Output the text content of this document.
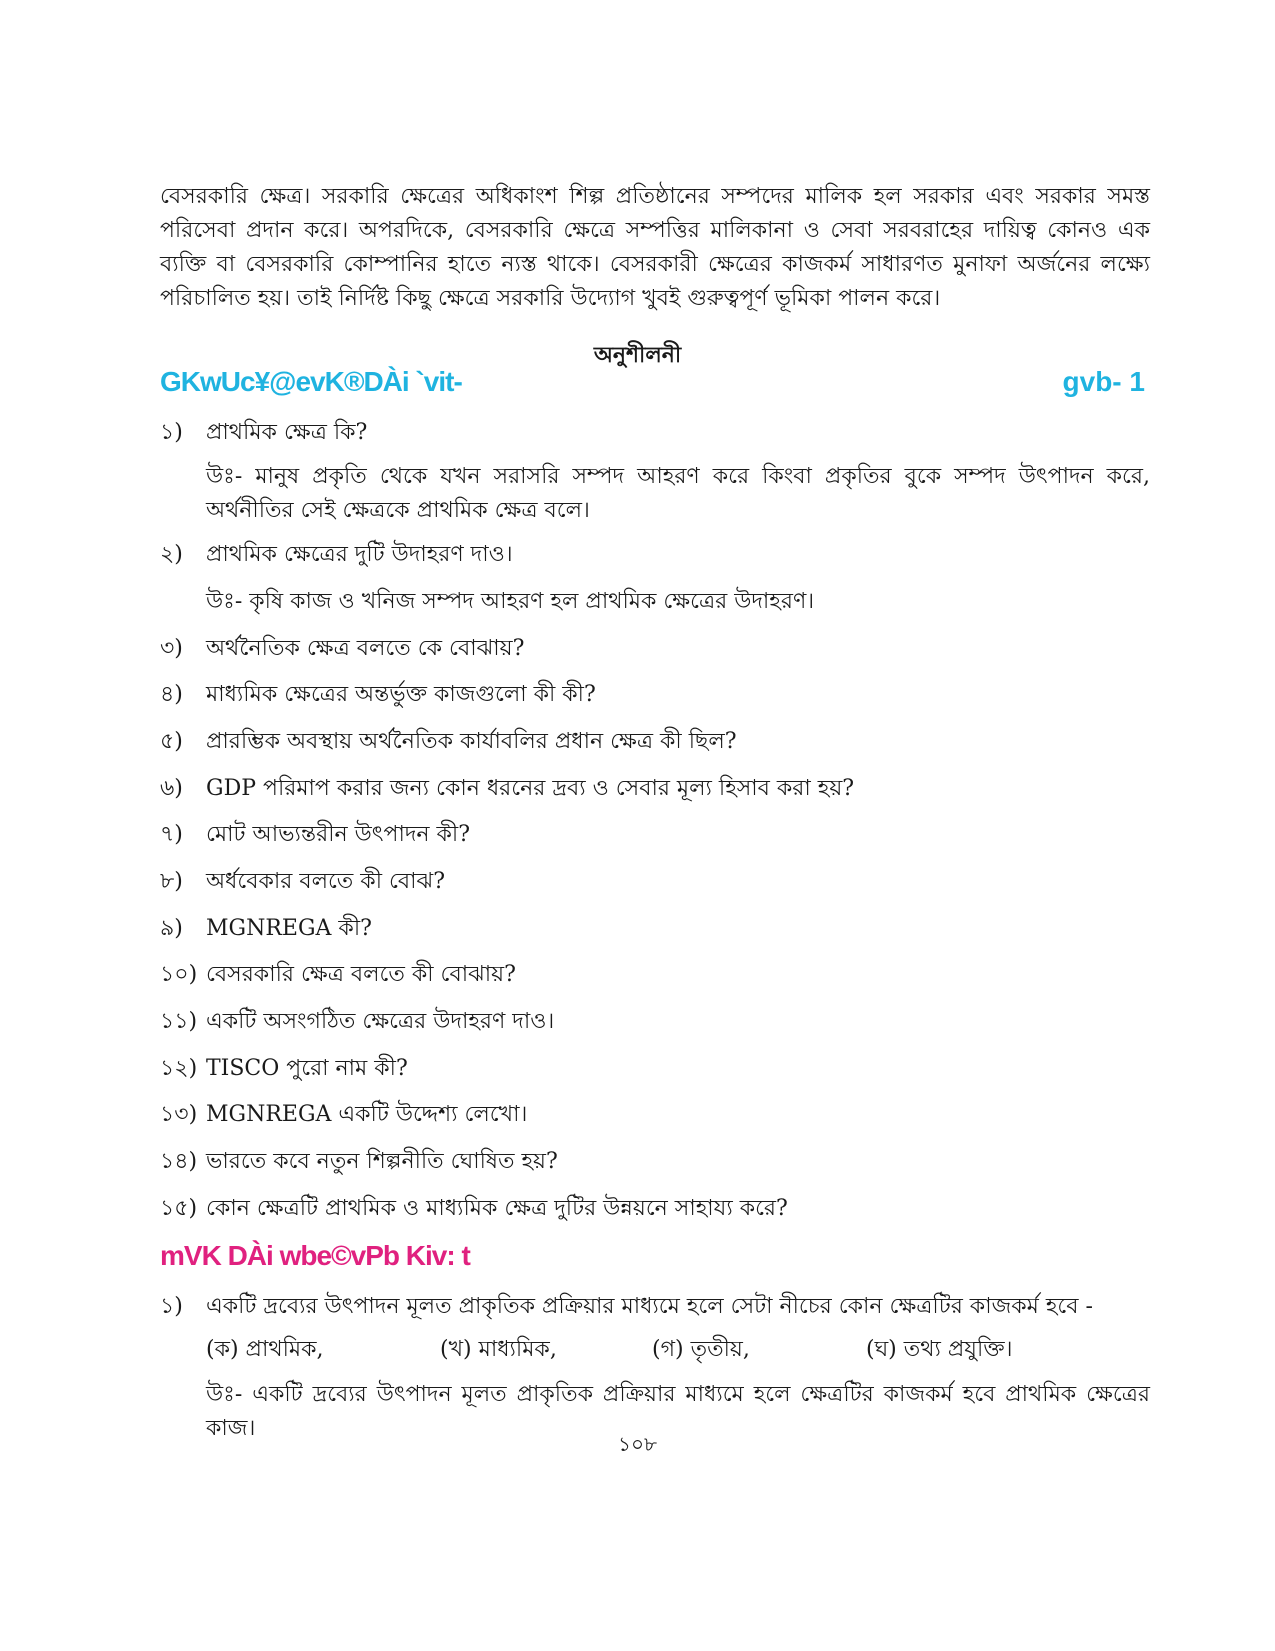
বেসরকারি ক্ষেত্র। সরকারি ক্ষেত্রের অধিকাংশ শিল্প প্রতিষ্ঠানের সম্পদের মালিক হল সরকার এবং সরকার সমস্ত পরিসেবা প্রদান করে। অপরদিকে, বেসরকারি ক্ষেত্রে সম্পত্তির মালিকানা ও সেবা সরবরাহের দায়িত্ব কোনও এক ব্যক্তি বা বেসরকারি কোম্পানির হাতে ন্যস্ত থাকে। বেসরকারী ক্ষেত্রের কাজকর্ম সাধারণত মুনাফা অর্জনের লক্ষ্যে পরিচালিত হয়। তাই নির্দিষ্ট কিছু ক্ষেত্রে সরকারি উদ্যোগ খুবই গুরুত্বপূর্ণ ভূমিকা পালন করে।

অনুশীলনী

GKwUc¥@evK®DÀi `vit-	gvb- 1

১)	প্রাথমিক ক্ষেত্র কি?

উঃ- মানুষ প্রকৃতি থেকে যখন সরাসরি সম্পদ আহরণ করে কিংবা প্রকৃতির বুকে সম্পদ উৎপাদন করে, অর্থনীতির সেই ক্ষেত্রকে প্রাথমিক ক্ষেত্র বলে।

২)	প্রাথমিক ক্ষেত্রের দুটি উদাহরণ দাও।

উঃ- কৃষি কাজ ও খনিজ সম্পদ আহরণ হল প্রাথমিক ক্ষেত্রের উদাহরণ।

৩)	অর্থনৈতিক ক্ষেত্র বলতে কে বোঝায়?
৪)	মাধ্যমিক ক্ষেত্রের অন্তর্ভুক্ত কাজগুলো কী কী?
৫)	প্রারম্ভিক অবস্থায় অর্থনৈতিক কার্যাবলির প্রধান ক্ষেত্র কী ছিল?
৬)	GDP পরিমাপ করার জন্য কোন ধরনের দ্রব্য ও সেবার মূল্য হিসাব করা হয়?
৭)	মোট আভ্যন্তরীন উৎপাদন কী?
৮)	অর্ধবেকার বলতে কী বোঝ?
৯)	MGNREGA কী?
১০) বেসরকারি ক্ষেত্র বলতে কী বোঝায়?
১১) একটি অসংগঠিত ক্ষেত্রের উদাহরণ দাও।
১২) TISCO পুরো নাম কী?
১৩) MGNREGA একটি উদ্দেশ্য লেখো।
১৪) ভারতে কবে নতুন শিল্পনীতি ঘোষিত হয়?
১৫) কোন ক্ষেত্রটি প্রাথমিক ও মাধ্যমিক ক্ষেত্র দুটির উন্নয়নে সাহায্য করে?

mVK DÀi wbe©vPb Kiv: t

১)	একটি দ্রব্যের উৎপাদন মূলত প্রাকৃতিক প্রক্রিয়ার মাধ্যমে হলে সেটা নীচের কোন ক্ষেত্রটির কাজকর্ম হবে -
(ক) প্রাথমিক,	(খ) মাধ্যমিক,	(গ) তৃতীয়,	(ঘ) তথ্য প্রযুক্তি।

উঃ- একটি দ্রব্যের উৎপাদন মূলত প্রাকৃতিক প্রক্রিয়ার মাধ্যমে হলে ক্ষেত্রটির কাজকর্ম হবে প্রাথমিক ক্ষেত্রের কাজ।

১০৮
